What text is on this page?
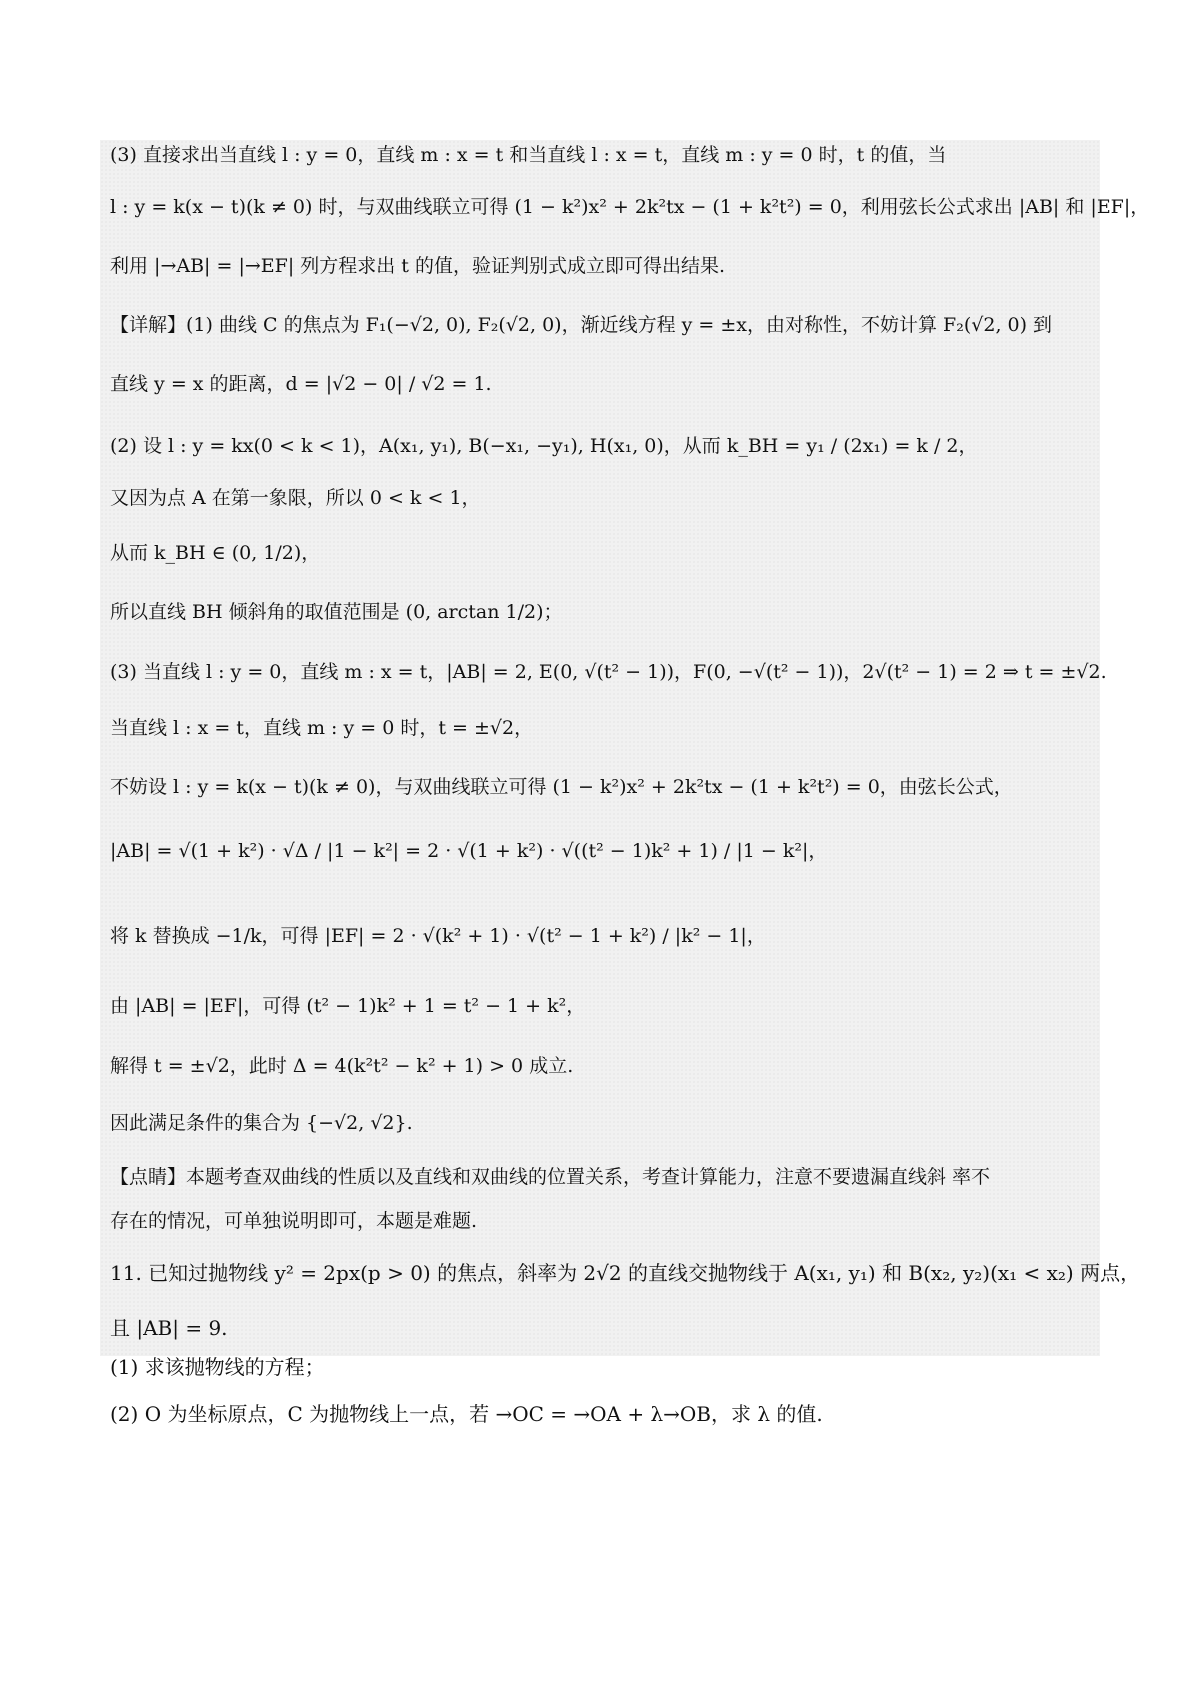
(3) 直接求出当直线 l : y = 0，直线 m : x = t 和当直线 l : x = t，直线 m : y = 0 时，t 的值，当
l : y = k(x − t)(k ≠ 0) 时，与双曲线联立可得 (1 − k²)x² + 2k²tx − (1 + k²t²) = 0，利用弦长公式求出 |AB| 和 |EF|，
利用 |→AB| = |→EF| 列方程求出 t 的值，验证判别式成立即可得出结果.
【详解】(1) 曲线 C 的焦点为 F₁(−√2, 0), F₂(√2, 0)，渐近线方程 y = ±x，由对称性，不妨计算 F₂(√2, 0) 到
直线 y = x 的距离，d = |√2 − 0| / √2 = 1.
(2) 设 l : y = kx(0 < k < 1)，A(x₁, y₁), B(−x₁, −y₁), H(x₁, 0)，从而 k_BH = y₁ / (2x₁) = k / 2，
又因为点 A 在第一象限，所以 0 < k < 1，
从而 k_BH ∈ (0, 1/2)，
所以直线 BH 倾斜角的取值范围是 (0, arctan 1/2)；
(3) 当直线 l : y = 0，直线 m : x = t，|AB| = 2, E(0, √(t² − 1))，F(0, −√(t² − 1))，2√(t² − 1) = 2 ⇒ t = ±√2.
当直线 l : x = t，直线 m : y = 0 时，t = ±√2，
不妨设 l : y = k(x − t)(k ≠ 0)，与双曲线联立可得 (1 − k²)x² + 2k²tx − (1 + k²t²) = 0，由弦长公式，
|AB| = √(1 + k²) · √Δ / |1 − k²| = 2 · √(1 + k²) · √((t² − 1)k² + 1) / |1 − k²|，
将 k 替换成 −1/k，可得 |EF| = 2 · √(k² + 1) · √(t² − 1 + k²) / |k² − 1|，
由 |AB| = |EF|，可得 (t² − 1)k² + 1 = t² − 1 + k²，
解得 t = ±√2，此时 Δ = 4(k²t² − k² + 1) > 0 成立.
因此满足条件的集合为 {−√2, √2}.
【点睛】本题考查双曲线的性质以及直线和双曲线的位置关系，考查计算能力，注意不要遗漏直线斜 率不
存在的情况，可单独说明即可，本题是难题.
11. 已知过抛物线 y² = 2px(p > 0) 的焦点，斜率为 2√2 的直线交抛物线于 A(x₁, y₁) 和 B(x₂, y₂)(x₁ < x₂) 两点，
且 |AB| = 9.
(1) 求该抛物线的方程；
(2) O 为坐标原点，C 为抛物线上一点，若 →OC = →OA + λ→OB，求 λ 的值.
